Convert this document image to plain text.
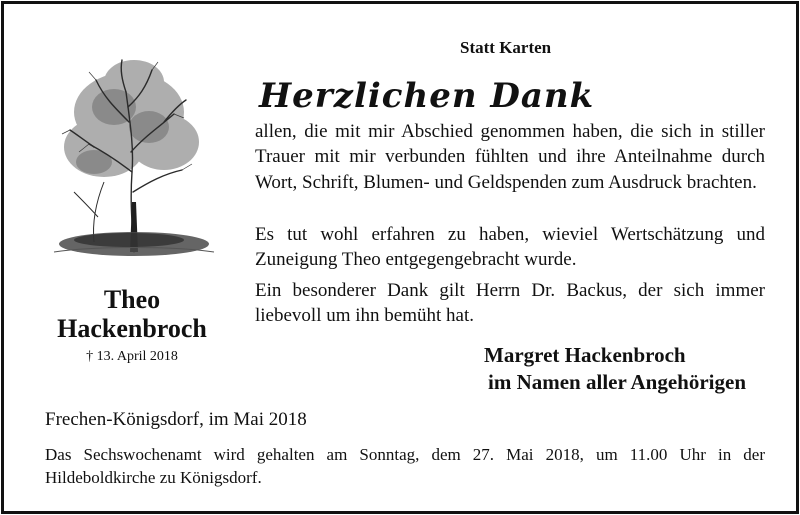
Statt Karten
Herzlichen Dank
allen, die mit mir Abschied genommen haben, die sich in stiller Trauer mit mir verbunden fühlten und ihre Anteilnahme durch Wort, Schrift, Blumen- und Geldspenden zum Ausdruck brachten.
Es tut wohl erfahren zu haben, wieviel Wertschätzung und Zuneigung Theo entgegengebracht wurde.
Ein besonderer Dank gilt Herrn Dr. Backus, der sich immer liebevoll um ihn bemüht hat.
Theo
Hackenbroch
† 13. April 2018	Margret Hackenbroch
im Namen aller Angehörigen
Frechen-Königsdorf, im Mai 2018
Das Sechswochenamt wird gehalten am Sonntag, dem 27. Mai 2018, um 11.00 Uhr in der Hildeboldkirche zu Königsdorf.
